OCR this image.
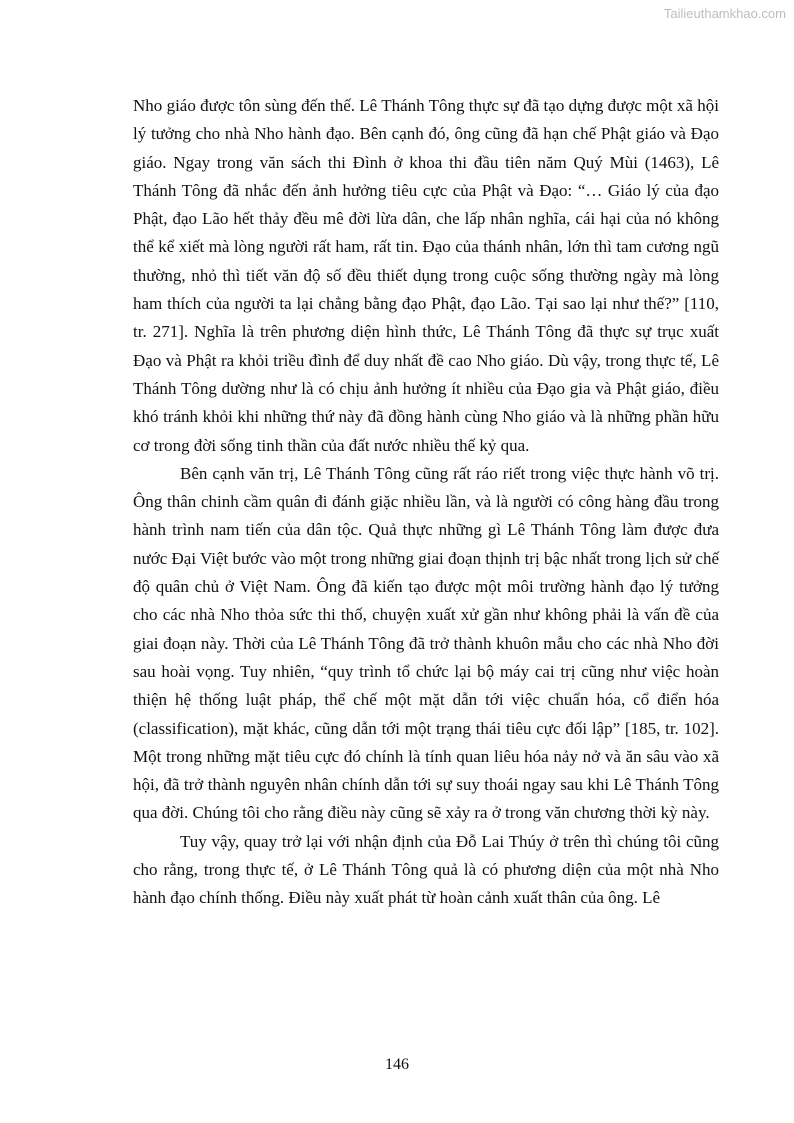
Tailieuthamkhao.com

Nho giáo được tôn sùng đến thế. Lê Thánh Tông thực sự đã tạo dựng được một xã hội lý tưởng cho nhà Nho hành đạo. Bên cạnh đó, ông cũng đã hạn chế Phật giáo và Đạo giáo. Ngay trong văn sách thi Đình ở khoa thi đầu tiên năm Quý Mùi (1463), Lê Thánh Tông đã nhắc đến ảnh hưởng tiêu cực của Phật và Đạo: “… Giáo lý của đạo Phật, đạo Lão hết thảy đều mê đời lừa dân, che lấp nhân nghĩa, cái hại của nó không thể kể xiết mà lòng người rất ham, rất tin. Đạo của thánh nhân, lớn thì tam cương ngũ thường, nhỏ thì tiết văn độ số đều thiết dụng trong cuộc sống thường ngày mà lòng ham thích của người ta lại chẳng bằng đạo Phật, đạo Lão. Tại sao lại như thế?” [110, tr. 271]. Nghĩa là trên phương diện hình thức, Lê Thánh Tông đã thực sự trục xuất Đạo và Phật ra khỏi triều đình để duy nhất đề cao Nho giáo. Dù vậy, trong thực tế, Lê Thánh Tông dường như là có chịu ảnh hưởng ít nhiều của Đạo gia và Phật giáo, điều khó tránh khỏi khi những thứ này đã đồng hành cùng Nho giáo và là những phần hữu cơ trong đời sống tinh thần của đất nước nhiều thế kỷ qua.

Bên cạnh văn trị, Lê Thánh Tông cũng rất ráo riết trong việc thực hành võ trị. Ông thân chinh cầm quân đi đánh giặc nhiều lần, và là người có công hàng đầu trong hành trình nam tiến của dân tộc. Quả thực những gì Lê Thánh Tông làm được đưa nước Đại Việt bước vào một trong những giai đoạn thịnh trị bậc nhất trong lịch sử chế độ quân chủ ở Việt Nam. Ông đã kiến tạo được một môi trường hành đạo lý tưởng cho các nhà Nho thỏa sức thi thố, chuyện xuất xử gần như không phải là vấn đề của giai đoạn này. Thời của Lê Thánh Tông đã trở thành khuôn mẫu cho các nhà Nho đời sau hoài vọng. Tuy nhiên, “quy trình tổ chức lại bộ máy cai trị cũng như việc hoàn thiện hệ thống luật pháp, thể chế một mặt dẫn tới việc chuẩn hóa, cổ điển hóa (classification), mặt khác, cũng dẫn tới một trạng thái tiêu cực đối lập” [185, tr. 102]. Một trong những mặt tiêu cực đó chính là tính quan liêu hóa nảy nở và ăn sâu vào xã hội, đã trở thành nguyên nhân chính dẫn tới sự suy thoái ngay sau khi Lê Thánh Tông qua đời. Chúng tôi cho rằng điều này cũng sẽ xảy ra ở trong văn chương thời kỳ này.

Tuy vậy, quay trở lại với nhận định của Đỗ Lai Thúy ở trên thì chúng tôi cũng cho rằng, trong thực tế, ở Lê Thánh Tông quả là có phương diện của một nhà Nho hành đạo chính thống. Điều này xuất phát từ hoàn cảnh xuất thân của ông. Lê

146
